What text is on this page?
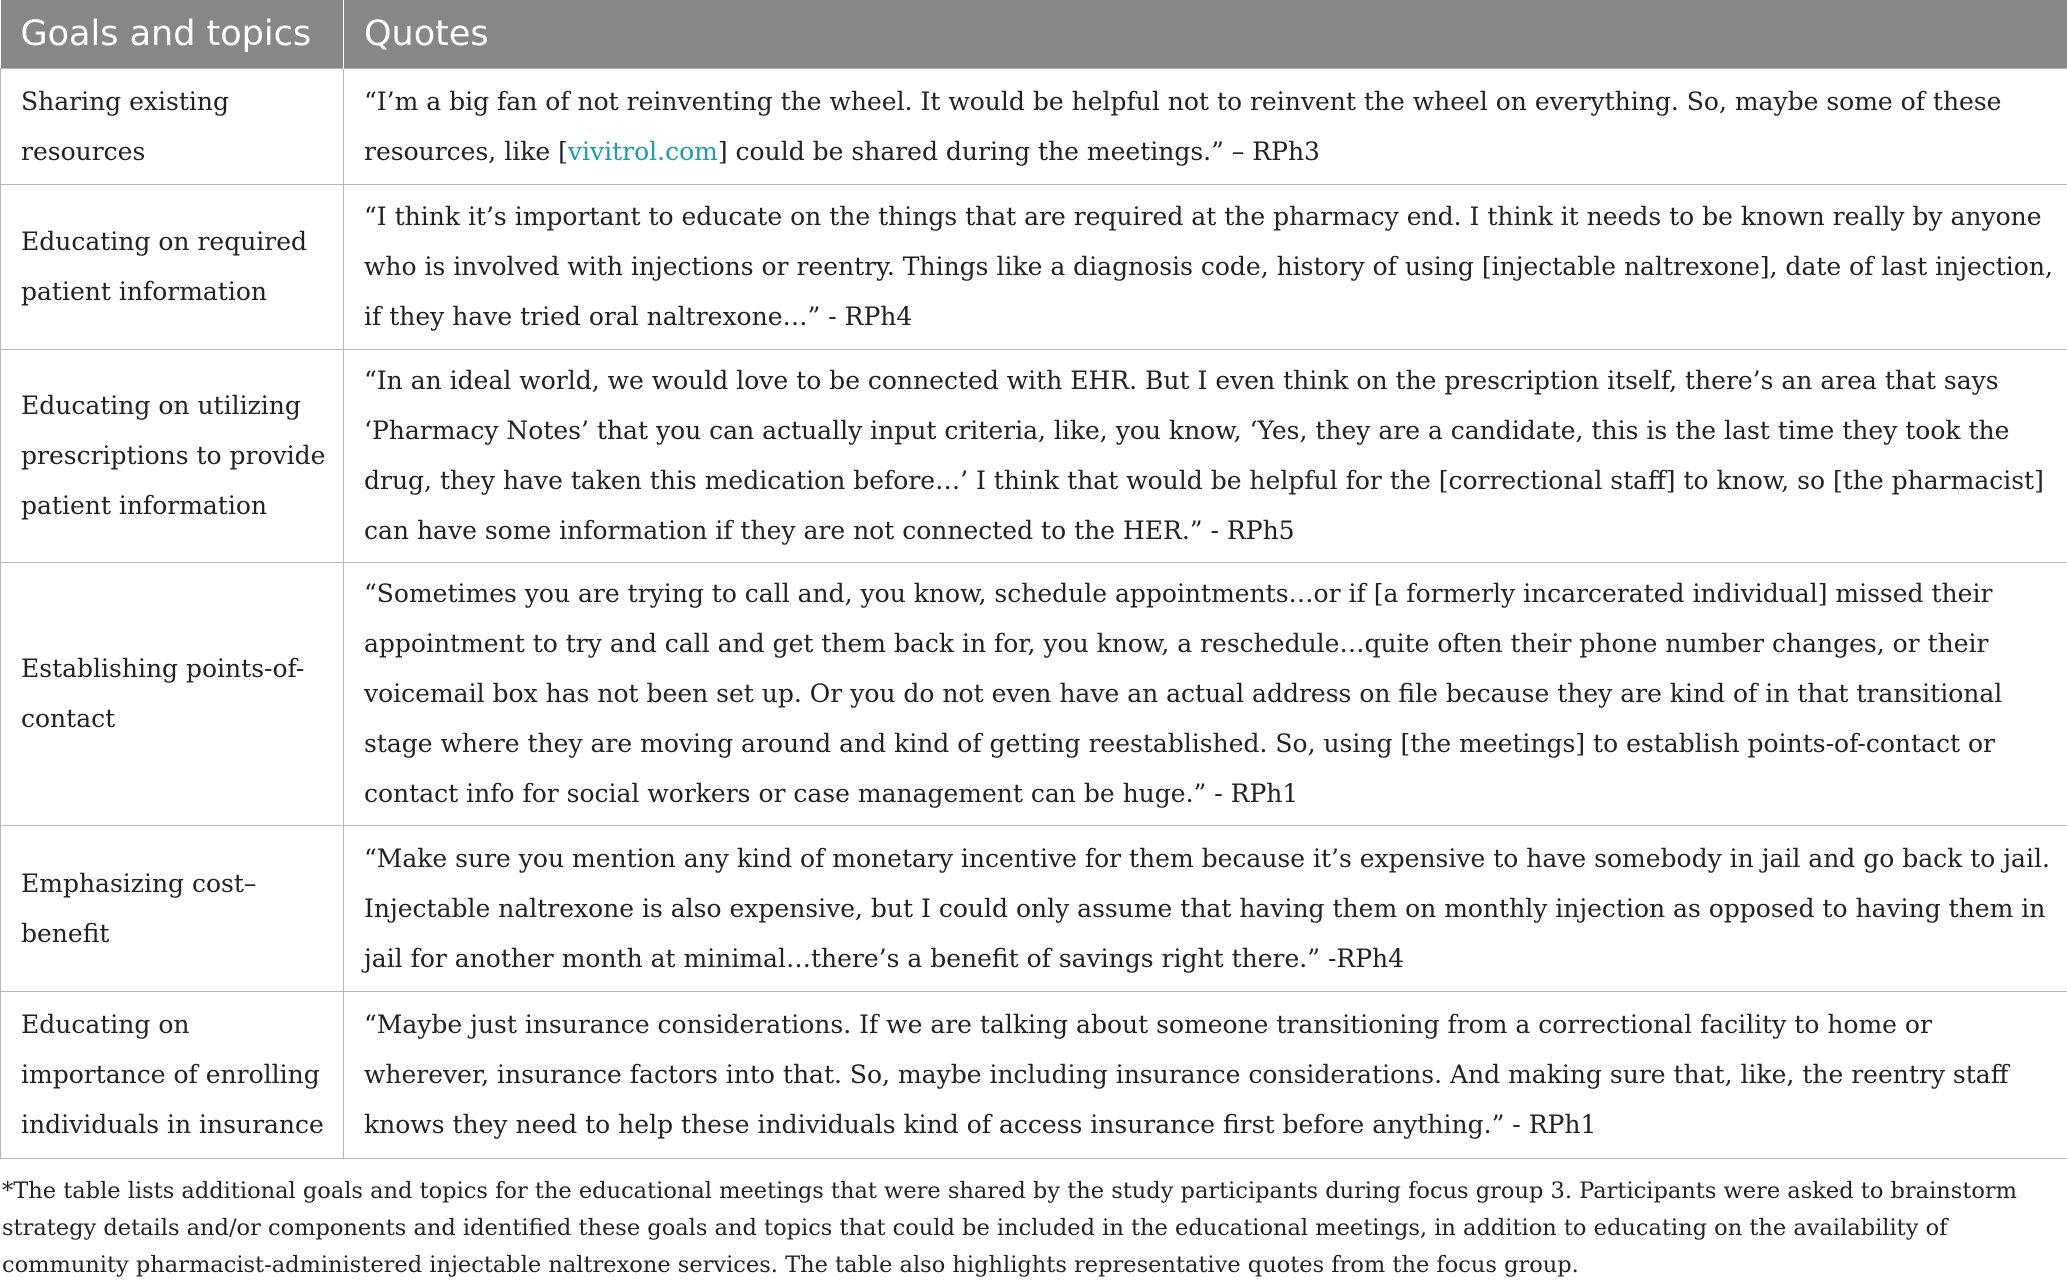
Goals and topics	Quotes
Sharing existing resources	“I’m a big fan of not reinventing the wheel. It would be helpful not to reinvent the wheel on everything. So, maybe some of these resources, like [vivitrol.com] could be shared during the meetings.” – RPh3
Educating on required patient information	“I think it’s important to educate on the things that are required at the pharmacy end. I think it needs to be known really by anyone who is involved with injections or reentry. Things like a diagnosis code, history of using [injectable naltrexone], date of last injection, if they have tried oral naltrexone…” - RPh4
Educating on utilizing prescriptions to provide patient information	“In an ideal world, we would love to be connected with EHR. But I even think on the prescription itself, there’s an area that says ‘Pharmacy Notes’ that you can actually input criteria, like, you know, ‘Yes, they are a candidate, this is the last time they took the drug, they have taken this medication before…’ I think that would be helpful for the [correctional staff] to know, so [the pharmacist] can have some information if they are not connected to the HER.” - RPh5
Establishing points-of-contact	“Sometimes you are trying to call and, you know, schedule appointments…or if [a formerly incarcerated individual] missed their appointment to try and call and get them back in for, you know, a reschedule…quite often their phone number changes, or their voicemail box has not been set up. Or you do not even have an actual address on file because they are kind of in that transitional stage where they are moving around and kind of getting reestablished. So, using [the meetings] to establish points-of-contact or contact info for social workers or case management can be huge.” - RPh1
Emphasizing cost–benefit	“Make sure you mention any kind of monetary incentive for them because it’s expensive to have somebody in jail and go back to jail. Injectable naltrexone is also expensive, but I could only assume that having them on monthly injection as opposed to having them in jail for another month at minimal…there’s a benefit of savings right there.” -RPh4
Educating on importance of enrolling individuals in insurance	“Maybe just insurance considerations. If we are talking about someone transitioning from a correctional facility to home or wherever, insurance factors into that. So, maybe including insurance considerations. And making sure that, like, the reentry staff knows they need to help these individuals kind of access insurance first before anything.” - RPh1
*The table lists additional goals and topics for the educational meetings that were shared by the study participants during focus group 3. Participants were asked to brainstorm strategy details and/or components and identified these goals and topics that could be included in the educational meetings, in addition to educating on the availability of community pharmacist-administered injectable naltrexone services. The table also highlights representative quotes from the focus group.
